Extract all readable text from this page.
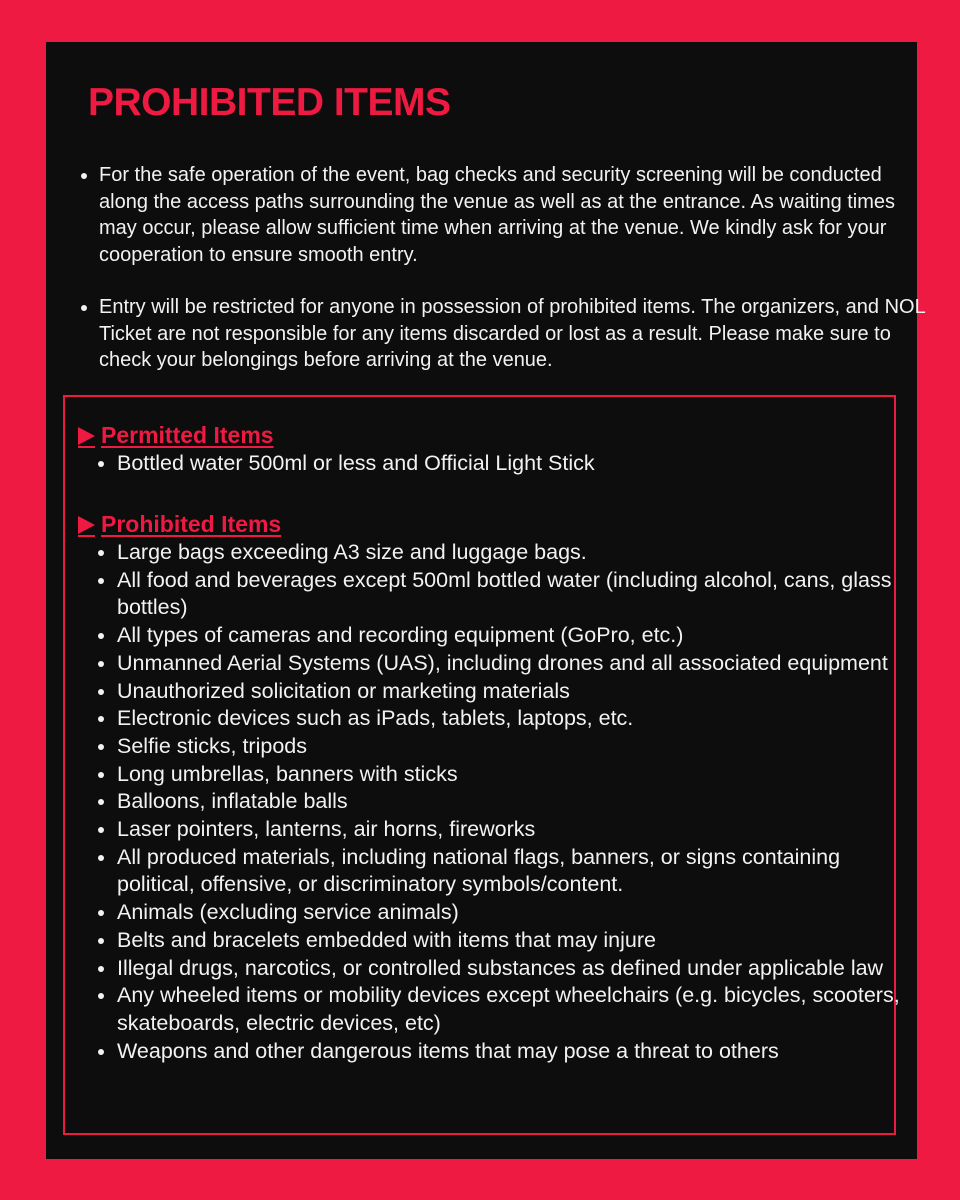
PROHIBITED ITEMS
• For the safe operation of the event, bag checks and security screening will be conducted along the access paths surrounding the venue as well as at the entrance. As waiting times may occur, please allow sufficient time when arriving at the venue. We kindly ask for your cooperation to ensure smooth entry.
• Entry will be restricted for anyone in possession of prohibited items. The organizers, and NOL Ticket are not responsible for any items discarded or lost as a result. Please make sure to check your belongings before arriving at the venue.
Permitted Items
• Bottled water 500ml or less and Official Light Stick
Prohibited Items
• Large bags exceeding A3 size and luggage bags.
• All food and beverages except 500ml bottled water (including alcohol, cans, glass bottles)
• All types of cameras and recording equipment (GoPro, etc.)
• Unmanned Aerial Systems (UAS), including drones and all associated equipment
• Unauthorized solicitation or marketing materials
• Electronic devices such as iPads, tablets, laptops, etc.
• Selfie sticks, tripods
• Long umbrellas, banners with sticks
• Balloons, inflatable balls
• Laser pointers, lanterns, air horns, fireworks
• All produced materials, including national flags, banners, or signs containing political, offensive, or discriminatory symbols/content.
• Animals (excluding service animals)
• Belts and bracelets embedded with items that may injure
• Illegal drugs, narcotics, or controlled substances as defined under applicable law
• Any wheeled items or mobility devices except wheelchairs (e.g. bicycles, scooters, skateboards, electric devices, etc)
• Weapons and other dangerous items that may pose a threat to others
